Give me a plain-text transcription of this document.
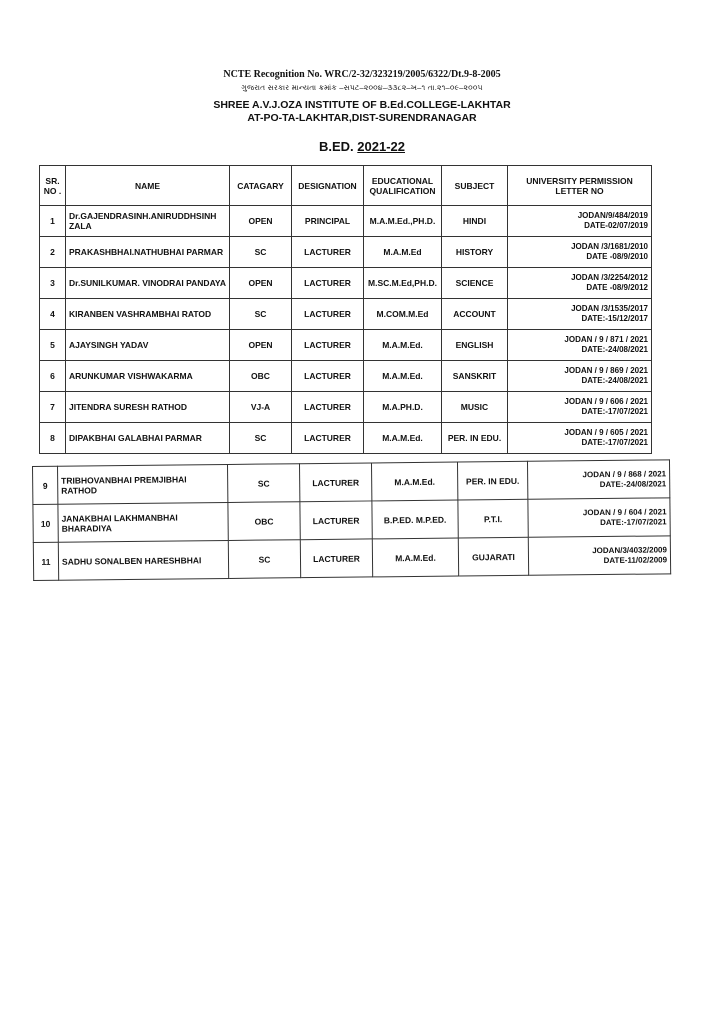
NCTE Recognition No. WRC/2-32/323219/2005/6322/Dt.9-8-2005
ગુજરાત સરકાર માન્યતા ક્રમાંક –સપટ–૨૦૦૪–૩૩૮૨–ખ–૧ તા.૨૧–૦૯–૨૦૦૫
SHREE A.V.J.OZA INSTITUTE OF B.Ed.COLLEGE-LAKHTAR
AT-PO-TA-LAKHTAR,DIST-SURENDRANAGAR
B.ED. 2021-22
SR. NO .	NAME	CATAGARY	DESIGNATION	EDUCATIONAL QUALIFICATION	SUBJECT	UNIVERSITY PERMISSION LETTER NO
1	Dr.GAJENDRASINH.ANIRUDDHSINH ZALA	OPEN	PRINCIPAL	M.A.M.Ed.,PH.D.	HINDI	JODAN/9/484/2019
DATE-02/07/2019

2	PRAKASHBHAI.NATHUBHAI PARMAR	SC	LACTURER	M.A.M.Ed	HISTORY	JODAN /3/1681/2010
DATE -08/9/2010

3	Dr.SUNILKUMAR. VINODRAI PANDAYA	OPEN	LACTURER	M.SC.M.Ed,PH.D.	SCIENCE	JODAN /3/2254/2012
DATE -08/9/2012

4	KIRANBEN VASHRAMBHAI RATOD	SC	LACTURER	M.COM.M.Ed	ACCOUNT	JODAN /3/1535/2017
DATE:-15/12/2017

5	AJAYSINGH YADAV	OPEN	LACTURER	M.A.M.Ed.	ENGLISH	JODAN / 9 / 871 / 2021
DATE:-24/08/2021

6	ARUNKUMAR VISHWAKARMA	OBC	LACTURER	M.A.M.Ed.	SANSKRIT	JODAN / 9 / 869 / 2021
DATE:-24/08/2021

7	JITENDRA SURESH RATHOD	VJ-A	LACTURER	M.A.PH.D.	MUSIC	JODAN / 9 / 606 / 2021
DATE:-17/07/2021

8	DIPAKBHAI GALABHAI PARMAR	SC	LACTURER	M.A.M.Ed.	PER. IN EDU.	JODAN / 9 / 605 / 2021
DATE:-17/07/2021
9	TRIBHOVANBHAI PREMJIBHAI RATHOD	SC	LACTURER	M.A.M.Ed.	PER. IN EDU.	JODAN / 9 / 868 / 2021
DATE:-24/08/2021

10	JANAKBHAI LAKHMANBHAI BHARADIYA	OBC	LACTURER	B.P.ED. M.P.ED.	P.T.I.	JODAN / 9 / 604 / 2021
DATE:-17/07/2021

11	SADHU SONALBEN HARESHBHAI	SC	LACTURER	M.A.M.Ed.	GUJARATI	JODAN/3/4032/2009
DATE-11/02/2009
